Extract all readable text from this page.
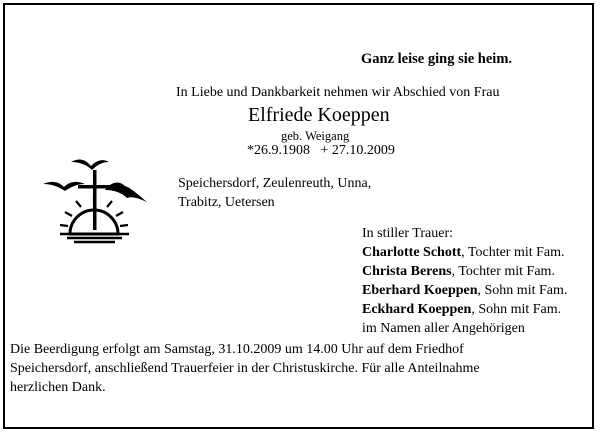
Ganz leise ging sie heim.
In Liebe und Dankbarkeit nehmen wir Abschied von Frau
Elfriede Koeppen
geb. Weigang
*26.9.1908   + 27.10.2009
Speichersdorf, Zeulenreuth, Unna,
Trabitz, Uetersen
In stiller Trauer:
Charlotte Schott, Tochter mit Fam.
Christa Berens, Tochter mit Fam.
Eberhard Koeppen, Sohn mit Fam.
Eckhard Koeppen, Sohn mit Fam.
im Namen aller Angehörigen
Die Beerdigung erfolgt am Samstag, 31.10.2009 um 14.00 Uhr auf dem Friedhof
Speichersdorf, anschließend Trauerfeier in der Christuskirche. Für alle Anteilnahme
herzlichen Dank.
